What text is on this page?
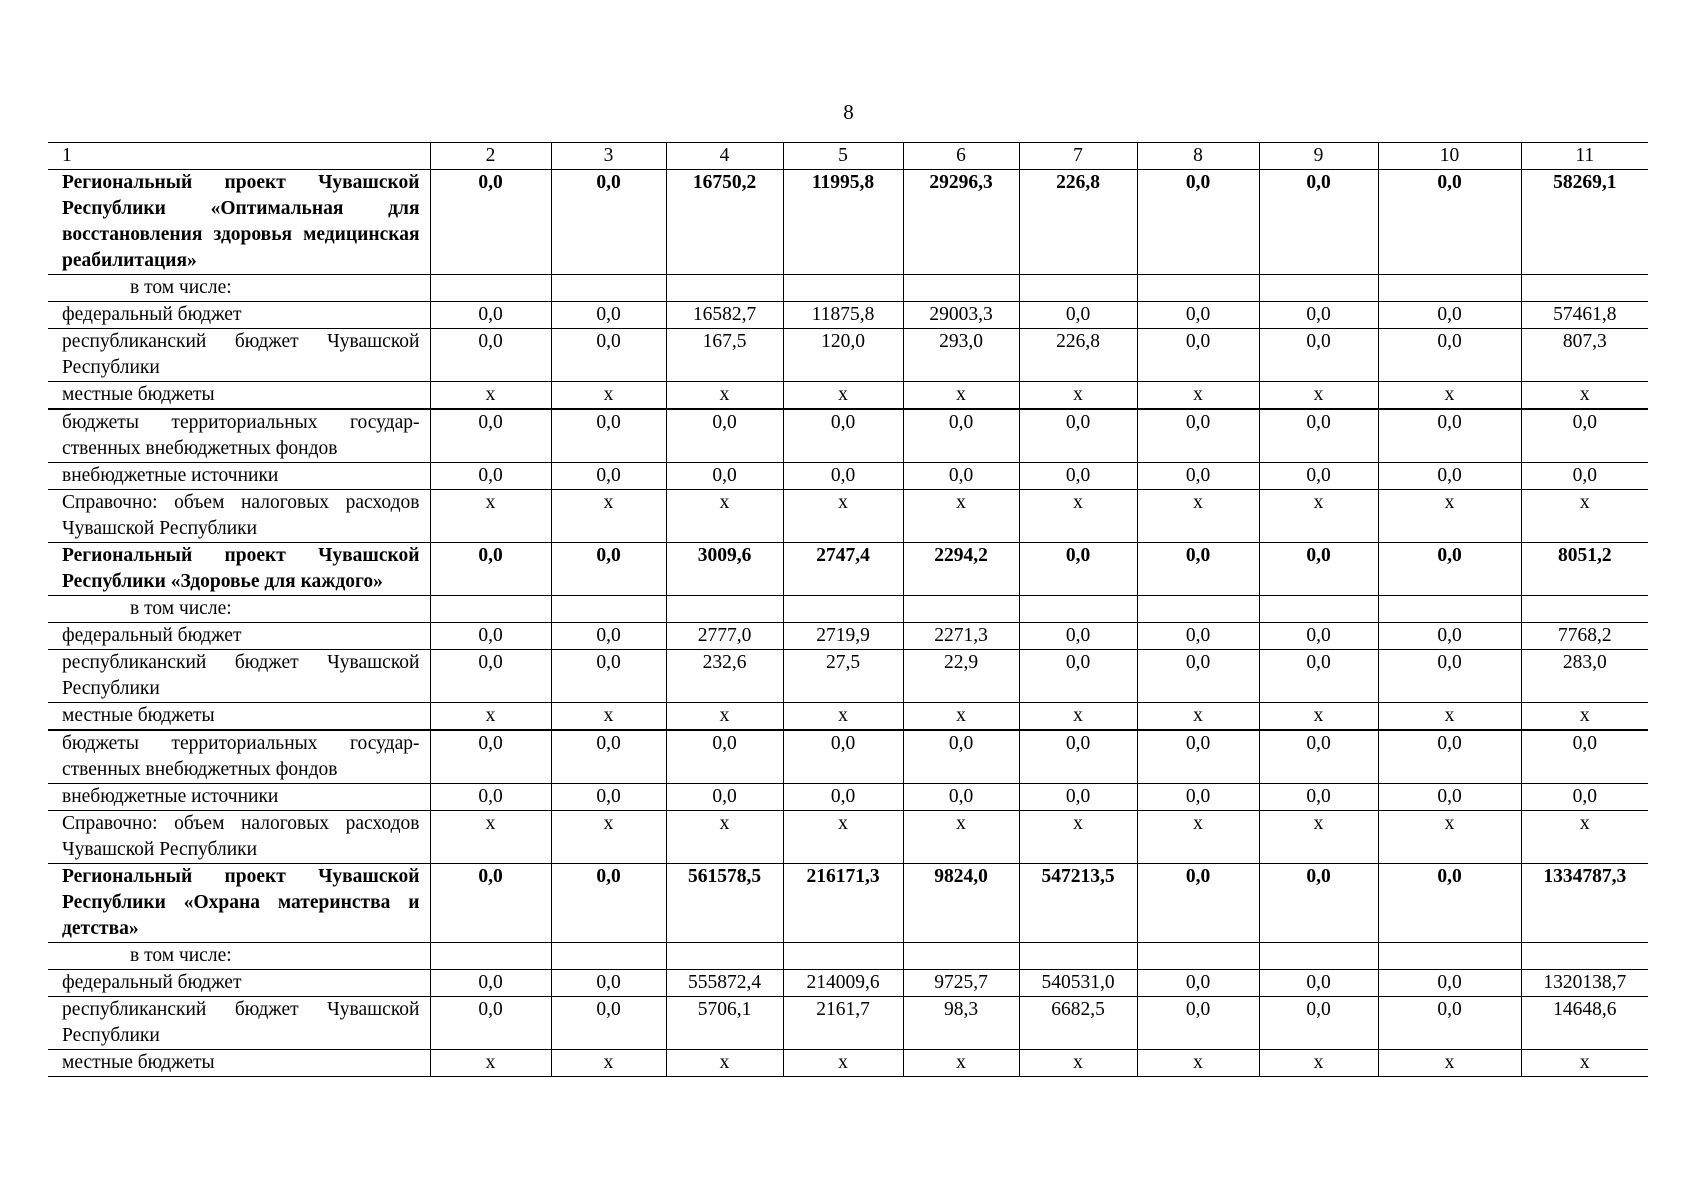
8
1	2	3	4	5	6	7	8	9	10	11
Региональный проект Чувашской Республики «Оптимальная для восстановления здоровья медицинская реабилитация»	0,0	0,0	16750,2	11995,8	29296,3	226,8	0,0	0,0	0,0	58269,1
в том числе:										
федеральный бюджет	0,0	0,0	16582,7	11875,8	29003,3	0,0	0,0	0,0	0,0	57461,8
республиканский бюджет Чувашской Республики	0,0	0,0	167,5	120,0	293,0	226,8	0,0	0,0	0,0	807,3
местные бюджеты	x	x	x	x	x	x	x	x	x	x
бюджеты территориальных государственных внебюджетных фондов	0,0	0,0	0,0	0,0	0,0	0,0	0,0	0,0	0,0	0,0
внебюджетные источники	0,0	0,0	0,0	0,0	0,0	0,0	0,0	0,0	0,0	0,0
Справочно: объем налоговых расходов Чувашской Республики	x	x	x	x	x	x	x	x	x	x
Региональный проект Чувашской Республики «Здоровье для каждого»	0,0	0,0	3009,6	2747,4	2294,2	0,0	0,0	0,0	0,0	8051,2
в том числе:										
федеральный бюджет	0,0	0,0	2777,0	2719,9	2271,3	0,0	0,0	0,0	0,0	7768,2
республиканский бюджет Чувашской Республики	0,0	0,0	232,6	27,5	22,9	0,0	0,0	0,0	0,0	283,0
местные бюджеты	x	x	x	x	x	x	x	x	x	x
бюджеты территориальных государственных внебюджетных фондов	0,0	0,0	0,0	0,0	0,0	0,0	0,0	0,0	0,0	0,0
внебюджетные источники	0,0	0,0	0,0	0,0	0,0	0,0	0,0	0,0	0,0	0,0
Справочно: объем налоговых расходов Чувашской Республики	x	x	x	x	x	x	x	x	x	x
Региональный проект Чувашской Республики «Охрана материнства и детства»	0,0	0,0	561578,5	216171,3	9824,0	547213,5	0,0	0,0	0,0	1334787,3
в том числе:										
федеральный бюджет	0,0	0,0	555872,4	214009,6	9725,7	540531,0	0,0	0,0	0,0	1320138,7
республиканский бюджет Чувашской Республики	0,0	0,0	5706,1	2161,7	98,3	6682,5	0,0	0,0	0,0	14648,6
местные бюджеты	x	x	x	x	x	x	x	x	x	x
